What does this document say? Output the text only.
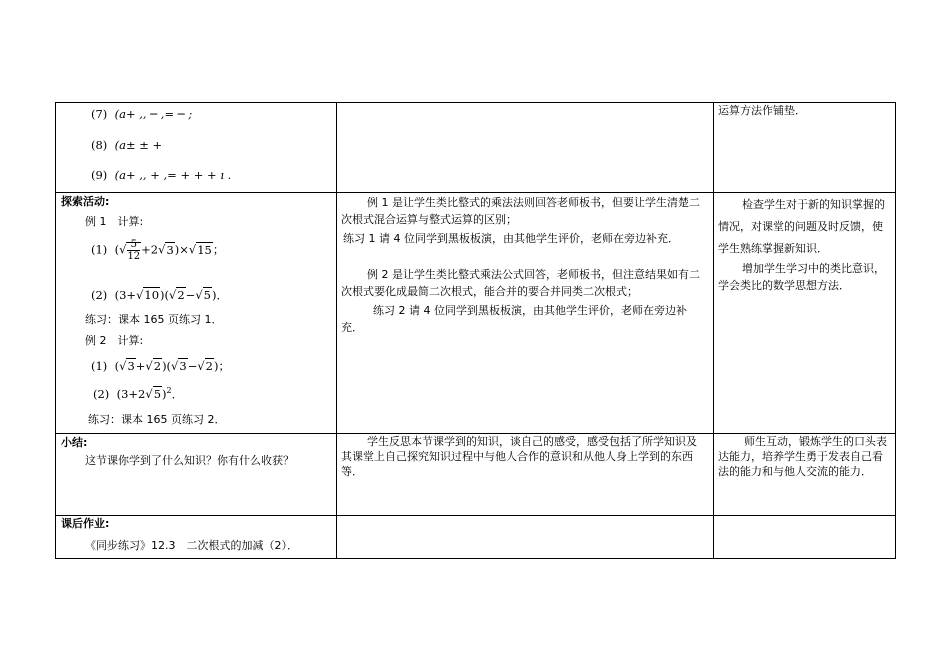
(7) (a+ ,, ─ ,= ─ ;
(8) (a± ± +
(9) (a+ ,, + ,= + + + ı .
运算方法作铺垫．
探索活动:
例 1　计算:
(1)  (√ $\frac{5}{12} +2√3)\times√15$；
(2) (3+√10)(√2−√5)．
练习：课本 165 页练习 1．
例 2　计算:
(1) (√3+√2)(√3−√2)；
(2) $(3+2√5)^2$．
练习：课本 165 页练习 2．
例 1 是让学生类比整式的乘法法则回答老师板书，但要让学生清楚二次根式混合运算与整式运算的区别；
练习 1 请 4 位同学到黑板板演，由其他学生评价，老师在旁边补充．
例 2 是让学生类比整式乘法公式回答，老师板书，但注意结果如有二次根式要化成最简二次根式，能合并的要合并同类二次根式；
练习 2 请 4 位同学到黑板板演，由其他学生评价，老师在旁边补充．
检查学生对于新的知识掌握的情况，对课堂的问题及时反馈，使学生熟练掌握新知识．
增加学生学习中的类比意识，学会类比的数学思想方法．
小结:
这节课你学到了什么知识？你有什么收获？
学生反思本节课学到的知识，谈自己的感受，感受包括了所学知识及其课堂上自己探究知识过程中与他人合作的意识和从他人身上学到的东西等．
师生互动，锻炼学生的口头表达能力，培养学生勇于发表自己看法的能力和与他人交流的能力．
课后作业:
《同步练习》12.3　二次根式的加减（2）．
